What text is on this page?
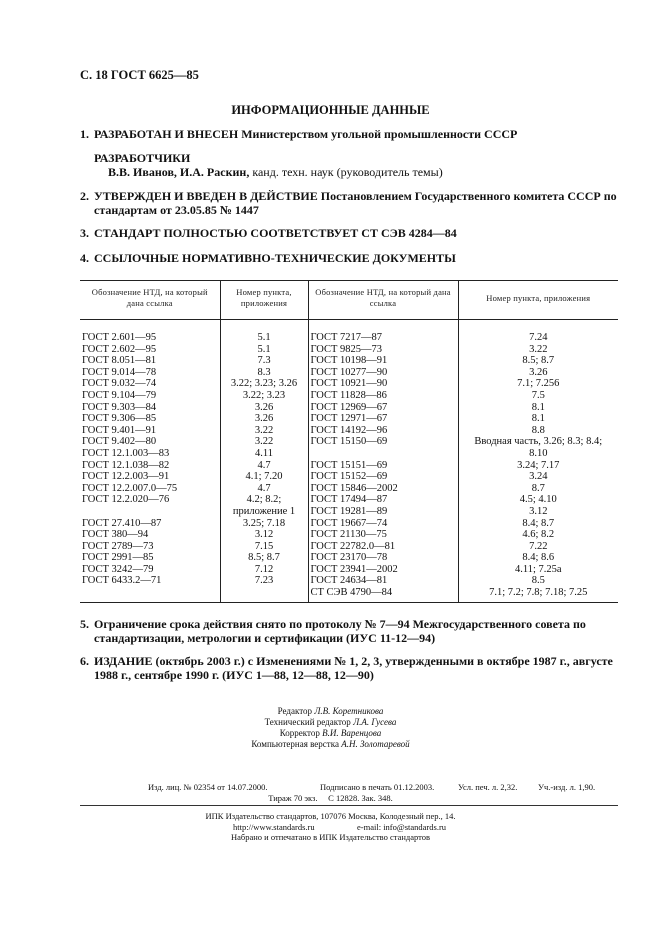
С. 18 ГОСТ 6625—85
ИНФОРМАЦИОННЫЕ ДАННЫЕ
1. РАЗРАБОТАН И ВНЕСЕН Министерством угольной промышленности СССР
РАЗРАБОТЧИКИ
В.В. Иванов, И.А. Раскин, канд. техн. наук (руководитель темы)
2. УТВЕРЖДЕН И ВВЕДЕН В ДЕЙСТВИЕ Постановлением Государственного комитета СССР по стандартам от 23.05.85 № 1447
3. СТАНДАРТ ПОЛНОСТЬЮ СООТВЕТСТВУЕТ СТ СЭВ 4284—84
4. ССЫЛОЧНЫЕ НОРМАТИВНО-ТЕХНИЧЕСКИЕ ДОКУМЕНТЫ
Обозначение НТД, на который дана ссылка	Номер пункта, приложения	Обозначение НТД, на который дана ссылка	Номер пункта, приложения

ГОСТ 2.601—95	5.1	ГОСТ 7217—87	7.24
ГОСТ 2.602—95	5.1	ГОСТ 9825—73	3.22
ГОСТ 8.051—81	7.3	ГОСТ 10198—91	8.5; 8.7
ГОСТ 9.014—78	8.3	ГОСТ 10277—90	3.26
ГОСТ 9.032—74	3.22; 3.23; 3.26	ГОСТ 10921—90	7.1; 7.256
ГОСТ 9.104—79	3.22; 3.23	ГОСТ 11828—86	7.5
ГОСТ 9.303—84	3.26	ГОСТ 12969—67	8.1
ГОСТ 9.306—85	3.26	ГОСТ 12971—67	8.1
ГОСТ 9.401—91	3.22	ГОСТ 14192—96	8.8
ГОСТ 9.402—80	3.22	ГОСТ 15150—69	Вводная часть, 3.26; 8.3; 8.4;
ГОСТ 12.1.003—83	4.11		8.10
ГОСТ 12.1.038—82	4.7	ГОСТ 15151—69	3.24; 7.17
ГОСТ 12.2.003—91	4.1; 7.20	ГОСТ 15152—69	3.24
ГОСТ 12.2.007.0—75	4.7	ГОСТ 15846—2002	8.7
ГОСТ 12.2.020—76	4.2; 8.2;	ГОСТ 17494—87	4.5; 4.10
	приложение 1	ГОСТ 19281—89	3.12
ГОСТ 27.410—87	3.25; 7.18	ГОСТ 19667—74	8.4; 8.7
ГОСТ 380—94	3.12	ГОСТ 21130—75	4.6; 8.2
ГОСТ 2789—73	7.15	ГОСТ 22782.0—81	7.22
ГОСТ 2991—85	8.5; 8.7	ГОСТ 23170—78	8.4; 8.6
ГОСТ 3242—79	7.12	ГОСТ 23941—2002	4.11; 7.25а
ГОСТ 6433.2—71	7.23	ГОСТ 24634—81	8.5
		СТ СЭВ 4790—84	7.1; 7.2; 7.8; 7.18; 7.25
5. Ограничение срока действия снято по протоколу № 7—94 Межгосударственного совета по стандартизации, метрологии и сертификации (ИУС 11-12—94)
6. ИЗДАНИЕ (октябрь 2003 г.) с Изменениями № 1, 2, 3, утвержденными в октябре 1987 г., августе 1988 г., сентябре 1990 г. (ИУС 1—88, 12—88, 12—90)
Редактор Л.В. Коретникова
Технический редактор Л.А. Гусева
Корректор В.И. Варенцова
Компьютерная верстка А.Н. Золотаревой
Изд. лиц. № 02354 от 14.07.2000.	Подписано в печать 01.12.2003.	Усл. печ. л. 2,32. Уч.-изд. л. 1,90.
Тираж 70 экз. С 12828. Зак. 348.
ИПК Издательство стандартов, 107076 Москва, Колодезный пер., 14.
http://www.standards.ru	e-mail: info@standards.ru
Набрано и отпечатано в ИПК Издательство стандартов
